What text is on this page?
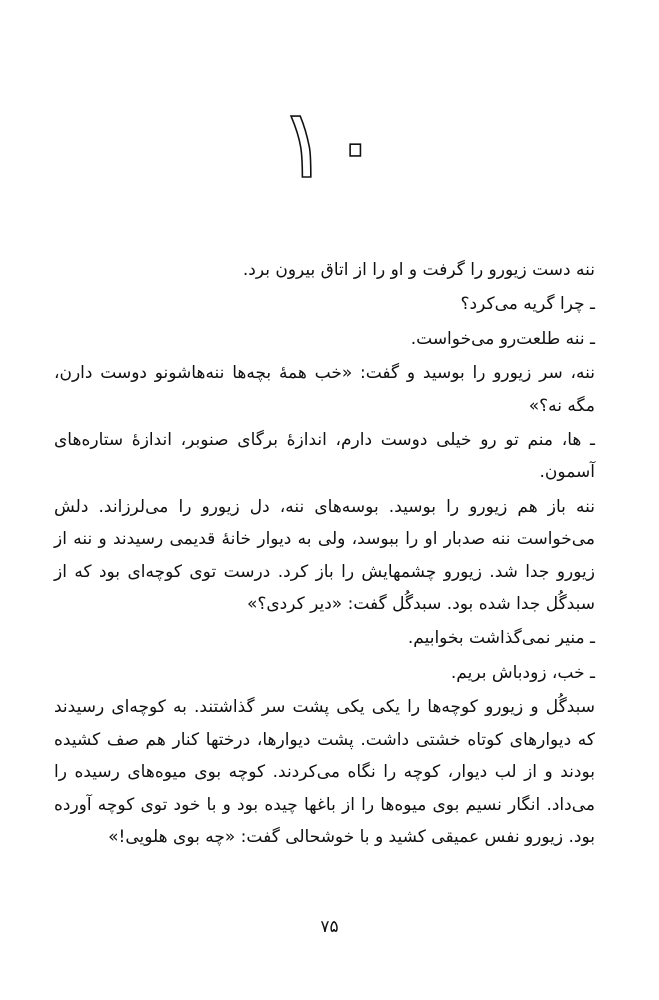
۱۰

ننه دست زیورو را گرفت و او را از اتاق بیرون برد.

ـ چرا گریه می‌کرد؟

ـ ننه طلعت‌رو می‌خواست.

ننه، سر زیورو را بوسید و گفت: «خب همهٔ بچه‌ها ننه‌هاشونو دوست دارن، مگه نه؟»

ـ ها، منم تو رو خیلی دوست دارم، اندازهٔ برگای صنوبر، اندازهٔ ستاره‌های آسمون.

ننه باز هم زیورو را بوسید. بوسه‌های ننه، دل زیورو را می‌لرزاند. دلش می‌خواست ننه صدبار او را ببوسد، ولی به دیوار خانهٔ قدیمی رسیدند و ننه از زیورو جدا شد. زیورو چشمهایش را باز کرد. درست توی کوچه‌ای بود که از سبدگُل جدا شده بود. سبدگُل گفت: «دیر کردی؟»

ـ منیر نمی‌گذاشت بخوابیم.

ـ خب، زودباش بریم.

سبدگُل و زیورو کوچه‌ها را یکی یکی پشت سر گذاشتند. به کوچه‌ای رسیدند که دیوارهای کوتاه خشتی داشت. پشت دیوارها، درختها کنار هم صف کشیده بودند و از لب دیوار، کوچه را نگاه می‌کردند. کوچه بوی میوه‌های رسیده را می‌داد. انگار نسیم بوی میوه‌ها را از باغها چیده بود و با خود توی کوچه آورده بود. زیورو نفس عمیقی کشید و با خوشحالی گفت: «چه بوی هلویی!»

۷۵
